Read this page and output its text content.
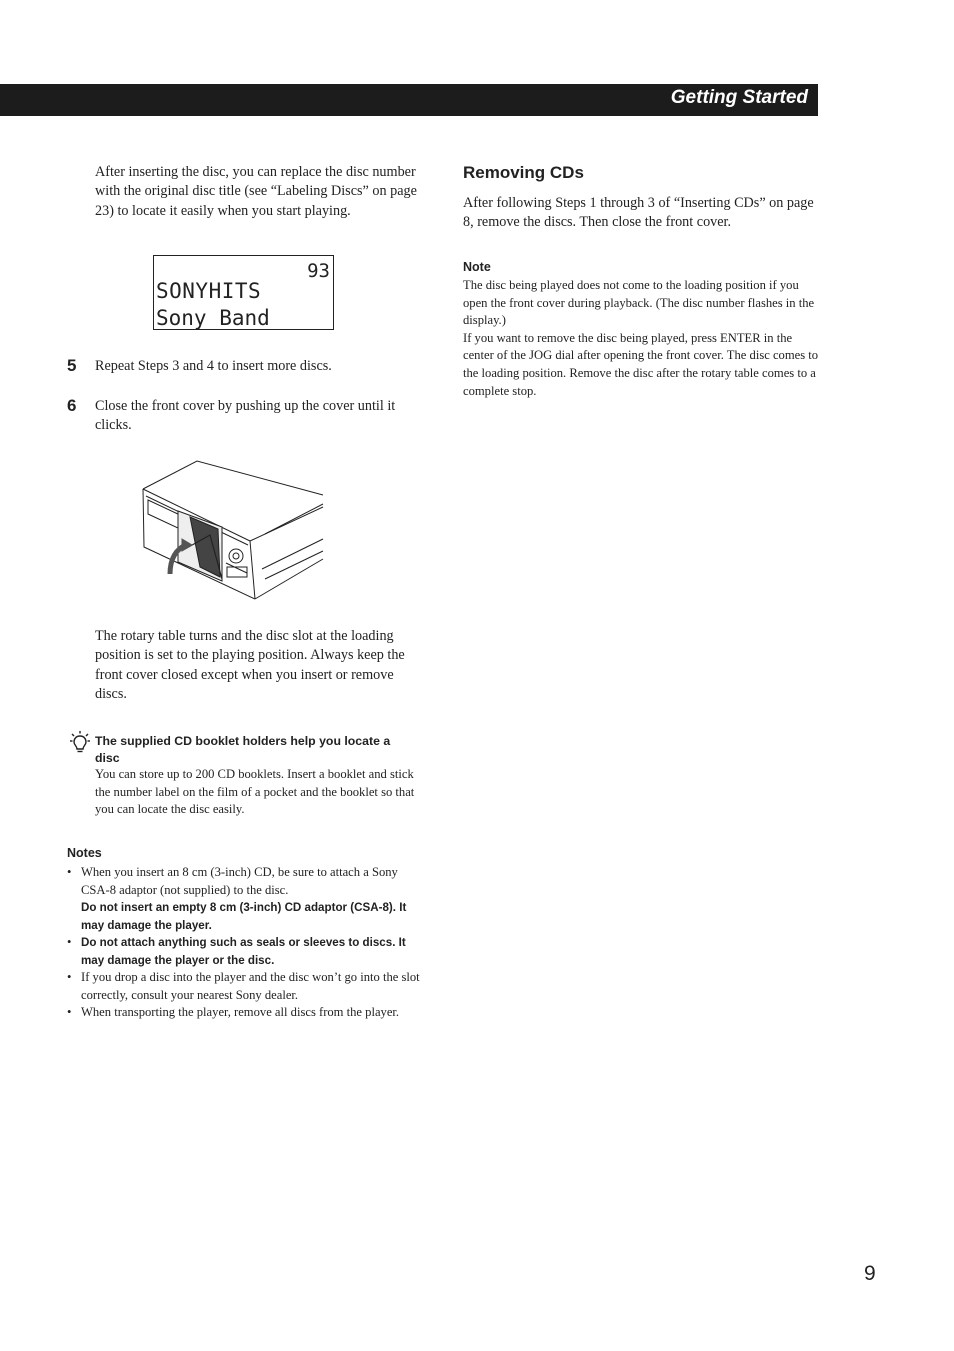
Getting Started
After inserting the disc, you can replace the disc number with the original disc title (see “Labeling Discs” on page 23) to locate it easily when you start playing.
93
SONYHITS
Sony Band
5 Repeat Steps 3 and 4 to insert more discs.
6 Close the front cover by pushing up the cover until it clicks.
The rotary table turns and the disc slot at the loading position is set to the playing position. Always keep the front cover closed except when you insert or remove discs.
The supplied CD booklet holders help you locate a disc
You can store up to 200 CD booklets. Insert a booklet and stick the number label on the film of a pocket and the booklet so that you can locate the disc easily.
Notes
• When you insert an 8 cm (3-inch) CD, be sure to attach a Sony CSA-8 adaptor (not supplied) to the disc.
Do not insert an empty 8 cm (3-inch) CD adaptor (CSA-8). It may damage the player.
• Do not attach anything such as seals or sleeves to discs. It may damage the player or the disc.
• If you drop a disc into the player and the disc won’t go into the slot correctly, consult your nearest Sony dealer.
• When transporting the player, remove all discs from the player.
Removing CDs
After following Steps 1 through 3 of “Inserting CDs” on page 8, remove the discs. Then close the front cover.
Note
The disc being played does not come to the loading position if you open the front cover during playback. (The disc number flashes in the display.)
If you want to remove the disc being played, press ENTER in the center of the JOG dial after opening the front cover. The disc comes to the loading position. Remove the disc after the rotary table comes to a complete stop.
9
